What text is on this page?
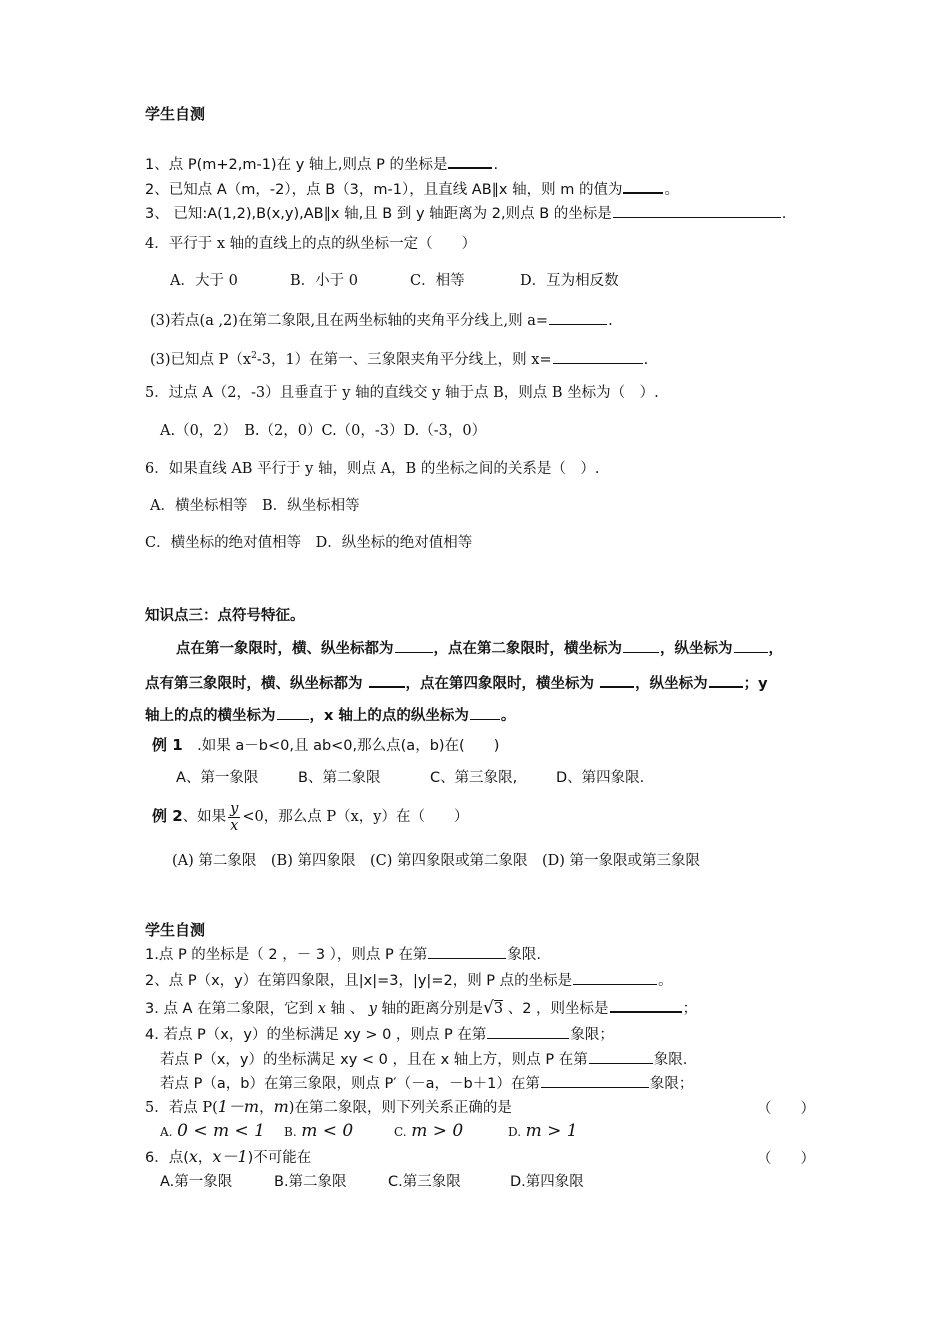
学生自测
1、点 P(m+2,m-1)在 y 轴上,则点 P 的坐标是	.
2、已知点 A（m，-2），点 B（3，m-1），且直线 AB∥x 轴，则 m 的值为	。
3、 已知:A(1,2),B(x,y),AB∥x 轴,且 B 到 y 轴距离为 2,则点 B 的坐标是	.
4．平行于 x 轴的直线上的点的纵坐标一定（　　）
A．大于 0	B．小于 0	C．相等	D．互为相反数
(3)若点(a ,2)在第二象限,且在两坐标轴的夹角平分线上,则 a=	.
(3)已知点 $P(x^2-3$，1）在第一、三象限夹角平分线上，则 x=	.
5．过点 A（2，-3）且垂直于 y 轴的直线交 y 轴于点 B，则点 B 坐标为（　）.
A.（0，2）　B.（2，0）C.（0，-3）D.（-3，0）
6．如果直线 AB 平行于 y 轴，则点 A，B 的坐标之间的关系是（　）.
A．横坐标相等　B．纵坐标相等
C．横坐标的绝对值相等　D．纵坐标的绝对值相等
知识点三：点符号特征。
点在第一象限时，横、纵坐标都为	，点在第二象限时，横坐标为	，纵坐标为 ，
点有第三象限时，横、纵坐标都为	，点在第四象限时，横坐标为 ，纵坐标为 ；y
轴上的点的横坐标为 ，x 轴上的点的纵坐标为 。
例 1　.如果 a－b<0,且 ab<0,那么点(a，b)在(　　)
A、第一象限	B、第二象限	C、第三象限,	D、第四象限.
例 2、如果 $\frac{y}{x} <0$，那么点 P（x，y）在（　　）
(A) 第二象限　(B) 第四象限　(C) 第四象限或第二象限　(D) 第一象限或第三象限
学生自测
1.点 P 的坐标是（ 2 ，－ 3 ），则点 P 在第	象限.
2、点 P（x，y）在第四象限，且|x|=3，|y|=2，则 P 点的坐标是	。
3. 点 A 在第二象限，它到 x 轴 、 y 轴的距离分别是√3 、2 ，则坐标是	；
4. 若点 P（x，y）的坐标满足 xy > 0 ，则点 P 在第	象限；
若点 P（x，y）的坐标满足 xy < 0 ，且在 x 轴上方，则点 P 在第	象限.
若点 P（a，b）在第三象限，则点 P′（－a，－b＋1）在第	象限；
5．若点 P(1－m，m)在第二象限，则下列关系正确的是	（　　）
A. 0 < m < 1 B. m < 0	C. m > 0	D. m > 1
6．点(x，x－1)不可能在	（　　）
A.第一象限	B.第二象限	C.第三象限	D.第四象限
